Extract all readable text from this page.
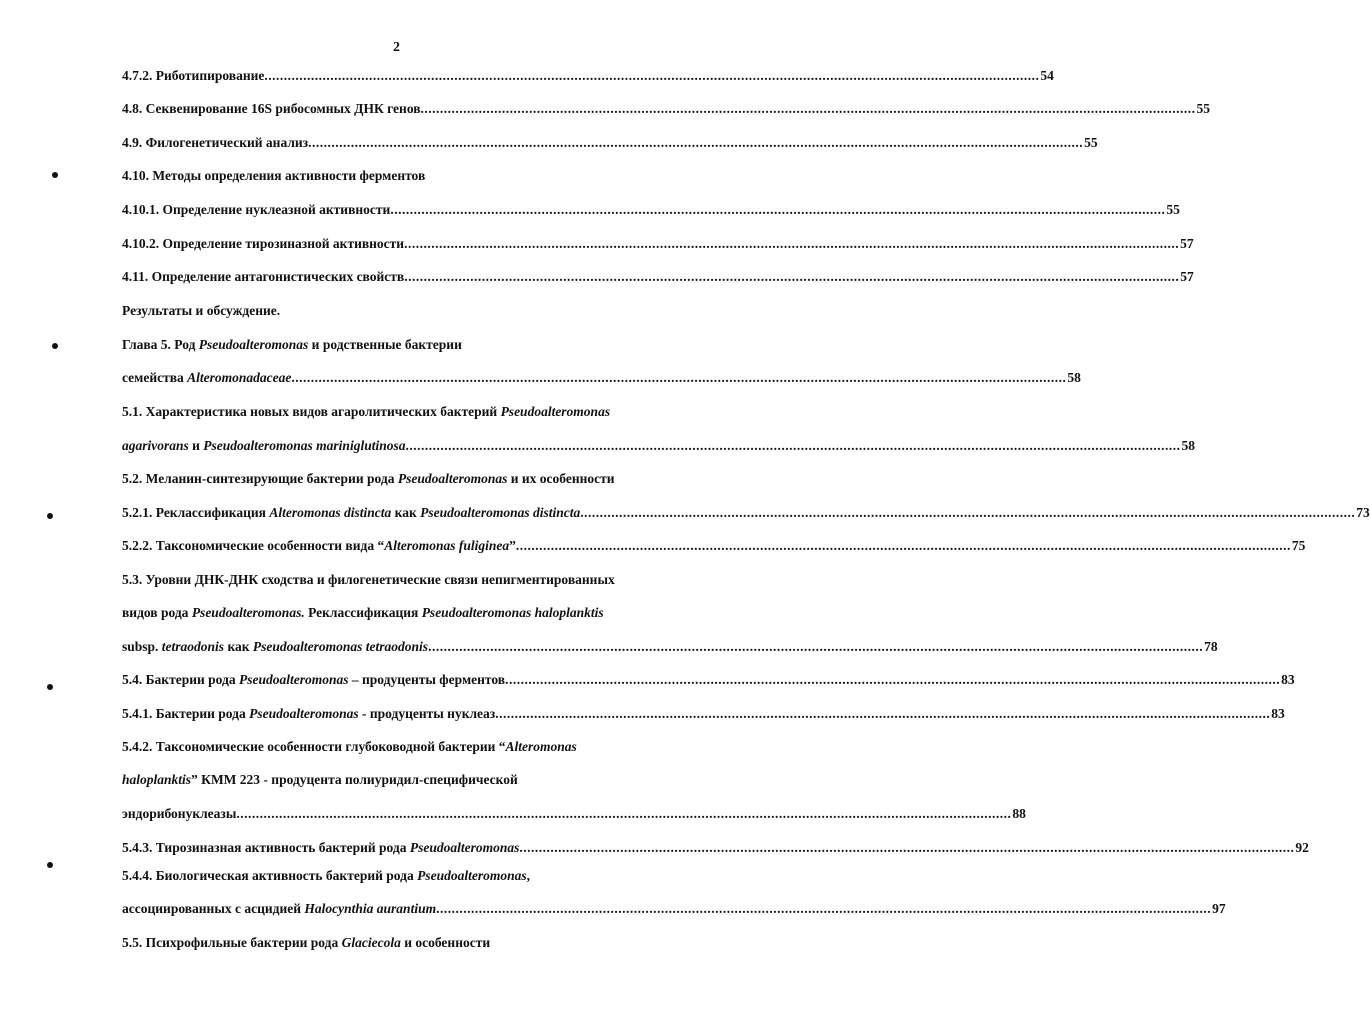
2
4.7.2. Риботипирование ........................................................................................................................................................................................................ 54
4.8. Секвенирование 16S рибосомных ДНК генов ........................................................................................................................................................................................................ 55
4.9. Филогенетический анализ ........................................................................................................................................................................................................ 55
4.10. Методы определения активности ферментов
4.10.1. Определение нуклеазной активности ........................................................................................................................................................................................................ 55
4.10.2. Определение тирозиназной активности ........................................................................................................................................................................................................ 57
4.11. Определение антагонистических свойств ........................................................................................................................................................................................................ 57
Результаты и обсуждение.
Глава 5. Род Pseudoalteromonas и родственные бактерии
семейства Alteromonadaceae ........................................................................................................................................................................................................ 58
5.1. Характеристика новых видов агаролитических бактерий Pseudoalteromonas
agarivorans и Pseudoalteromonas mariniglutinosa ........................................................................................................................................................................................................ 58
5.2. Меланин-синтезирующие бактерии рода Pseudoalteromonas и их особенности
5.2.1. Реклассификация Alteromonas distincta как Pseudoalteromonas distincta ........................................................................................................................................................................................................ 73
5.2.2. Таксономические особенности вида “ Alteromonas fuliginea ” ........................................................................................................................................................................................................ 75
5.3. Уровни ДНК-ДНК сходства и филогенетические связи непигментированных
видов рода Pseudoalteromonas. Реклассификация Pseudoalteromonas haloplanktis
subsp. tetraodonis как Pseudoalteromonas tetraodonis ........................................................................................................................................................................................................ 78
5.4. Бактерии рода Pseudoalteromonas – продуценты ферментов ........................................................................................................................................................................................................ 83
5.4.1. Бактерии рода Pseudoalteromonas - продуценты нуклеаз ........................................................................................................................................................................................................ 83
5.4.2. Таксономические особенности глубоководной бактерии “ Alteromonas
haloplanktis ” КММ 223 - продуцента полиуридил-специфической
эндорибонуклеазы ........................................................................................................................................................................................................ 88
5.4.3. Тирозиназная активность бактерий рода Pseudoalteromonas ........................................................................................................................................................................................................ 92
5.4.4. Биологическая активность бактерий рода Pseudoalteromonas ,
ассоциированных с асцидией Halocynthia aurantium ........................................................................................................................................................................................................ 97
5.5. Психрофильные бактерии рода Glaciecola и особенности
